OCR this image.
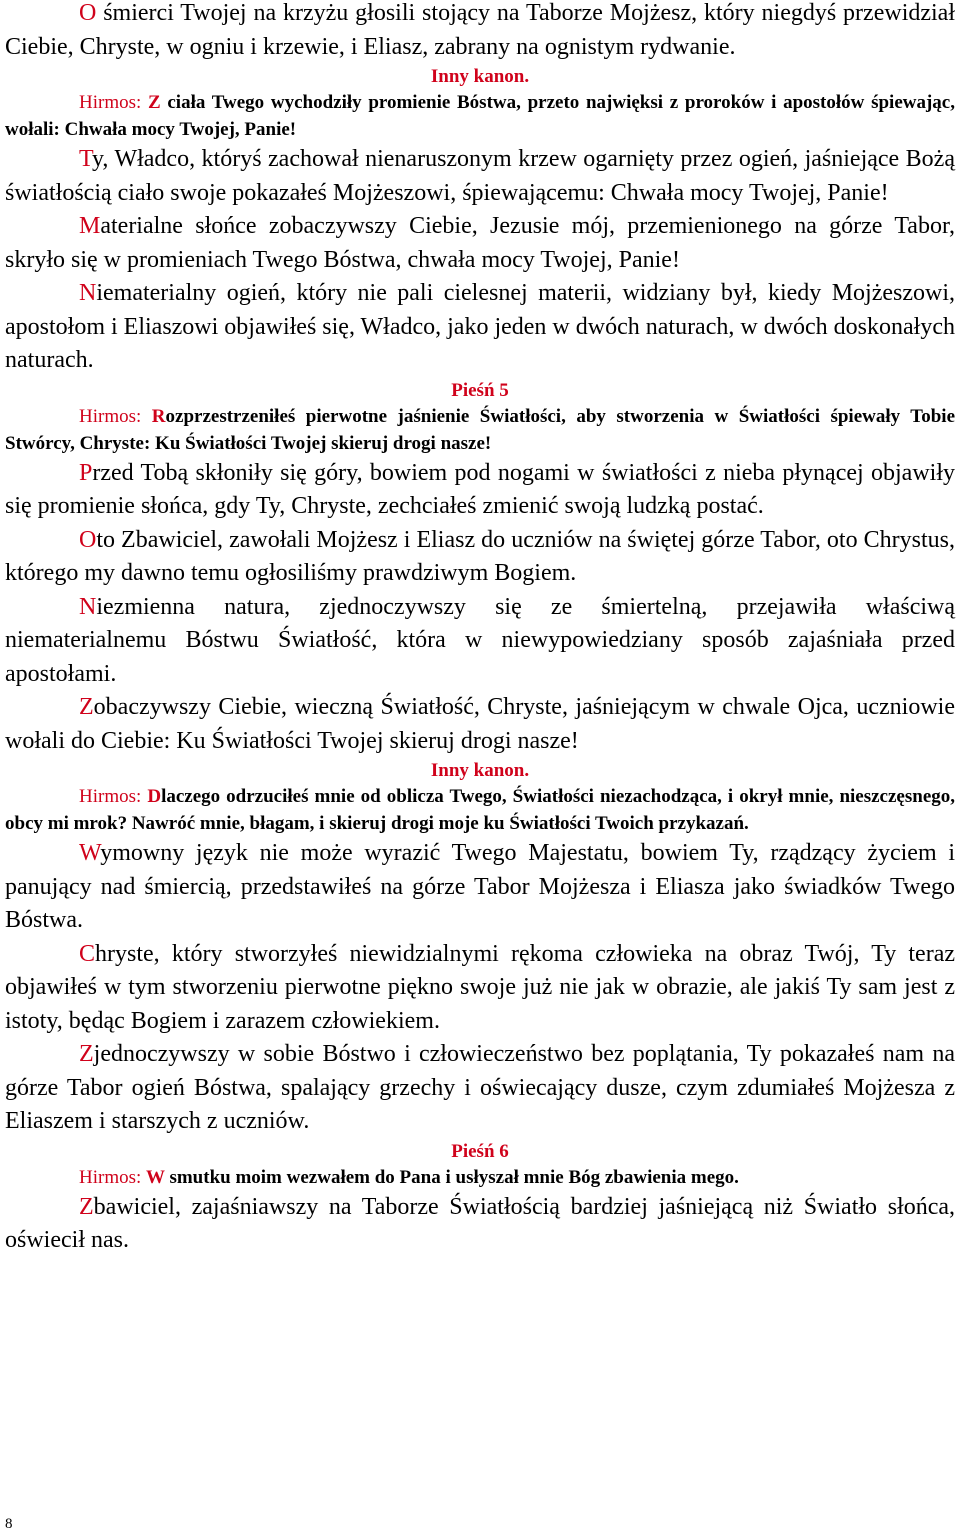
O śmierci Twojej na krzyżu głosili stojący na Taborze Mojżesz, który niegdyś przewidział Ciebie, Chryste, w ogniu i krzewie, i Eliasz, zabrany na ognistym rydwanie.

Inny kanon.

Hirmos: Z ciała Twego wychodziły promienie Bóstwa, przeto najwięksi z proroków i apostołów śpiewając, wołali: Chwała mocy Twojej, Panie!

Ty, Władco, któryś zachował nienaruszonym krzew ogarnięty przez ogień, jaśniejące Bożą światłością ciało swoje pokazałeś Mojżeszowi, śpiewającemu: Chwała mocy Twojej, Panie!

Materialne słońce zobaczywszy Ciebie, Jezusie mój, przemienionego na górze Tabor, skryło się w promieniach Twego Bóstwa, chwała mocy Twojej, Panie!

Niematerialny ogień, który nie pali cielesnej materii, widziany był, kiedy Mojżeszowi, apostołom i Eliaszowi objawiłeś się, Władco, jako jeden w dwóch naturach, w dwóch doskonałych naturach.

Pieśń 5

Hirmos: Rozprzestrzeniłeś pierwotne jaśnienie Światłości, aby stworzenia w Światłości śpiewały Tobie Stwórcy, Chryste: Ku Światłości Twojej skieruj drogi nasze!

Przed Tobą skłoniły się góry, bowiem pod nogami w światłości z nieba płynącej objawiły się promienie słońca, gdy Ty, Chryste, zechciałeś zmienić swoją ludzką postać.

Oto Zbawiciel, zawołali Mojżesz i Eliasz do uczniów na świętej górze Tabor, oto Chrystus, którego my dawno temu ogłosiliśmy prawdziwym Bogiem.

Niezmienna natura, zjednoczywszy się ze śmiertelną, przejawiła właściwą niematerialnemu Bóstwu Światłość, która w niewypowiedziany sposób zajaśniała przed apostołami.

Zobaczywszy Ciebie, wieczną Światłość, Chryste, jaśniejącym w chwale Ojca, uczniowie wołali do Ciebie: Ku Światłości Twojej skieruj drogi nasze!

Inny kanon.

Hirmos: Dlaczego odrzuciłeś mnie od oblicza Twego, Światłości niezachodząca, i okrył mnie, nieszczęsnego, obcy mi mrok? Nawróć mnie, błagam, i skieruj drogi moje ku Światłości Twoich przykazań.

Wymowny język nie może wyrazić Twego Majestatu, bowiem Ty, rządzący życiem i panujący nad śmiercią, przedstawiłeś na górze Tabor Mojżesza i Eliasza jako świadków Twego Bóstwa.

Chryste, który stworzyłeś niewidzialnymi rękoma człowieka na obraz Twój, Ty teraz objawiłeś w tym stworzeniu pierwotne piękno swoje już nie jak w obrazie, ale jakiś Ty sam jest z istoty, będąc Bogiem i zarazem człowiekiem.

Zjednoczywszy w sobie Bóstwo i człowieczeństwo bez poplątania, Ty pokazałeś nam na górze Tabor ogień Bóstwa, spalający grzechy i oświecający dusze, czym zdumiałeś Mojżesza z Eliaszem i starszych z uczniów.

Pieśń 6

Hirmos: W smutku moim wezwałem do Pana i usłyszał mnie Bóg zbawienia mego.

Zbawiciel, zajaśniawszy na Taborze Światłością bardziej jaśniejącą niż Światło słońca, oświecił nas.

8
